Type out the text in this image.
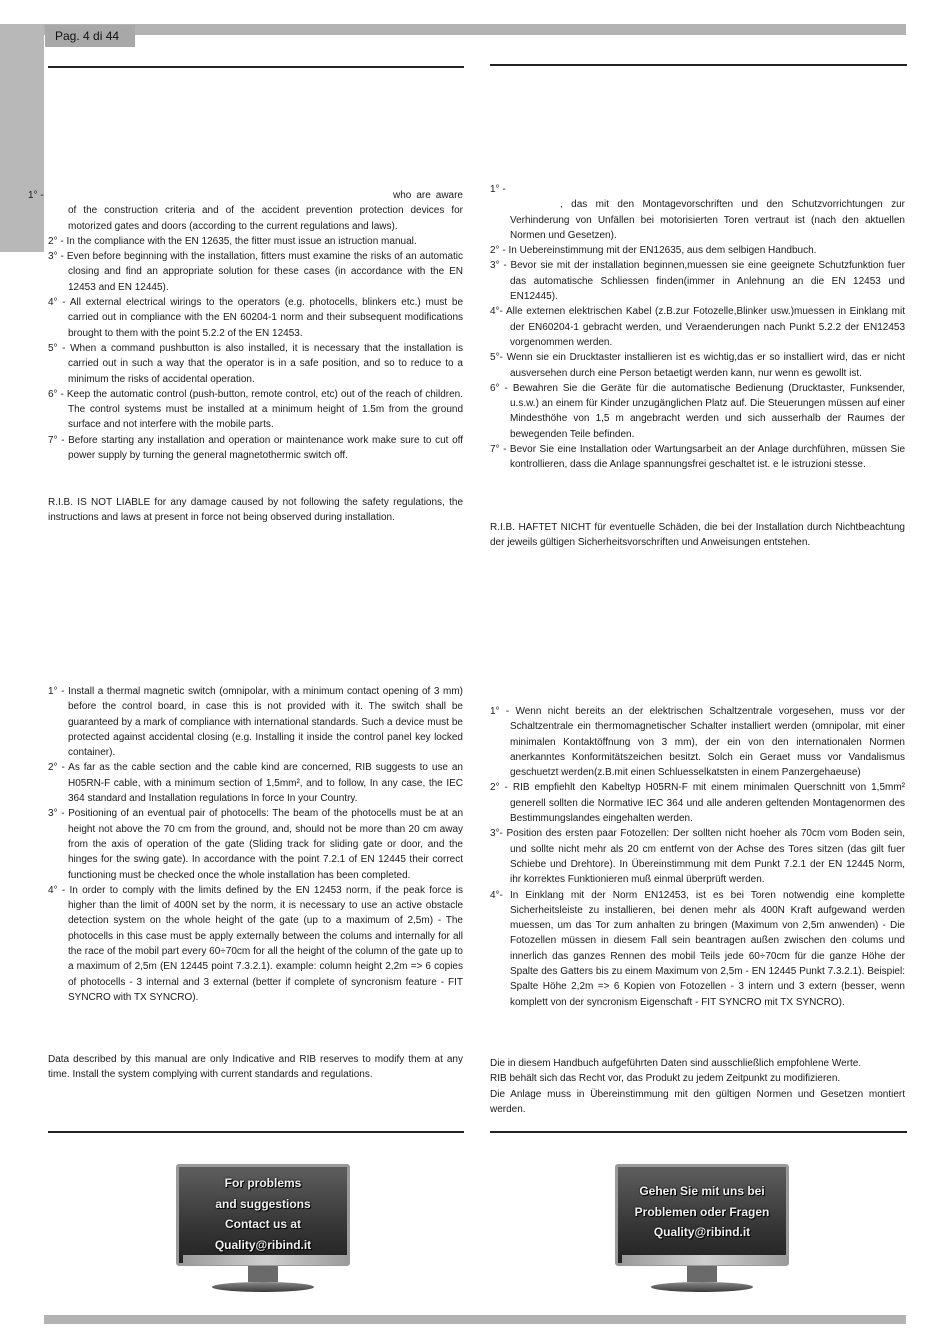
Pag. 4 di 44
who are aware of the construction criteria and of the accident prevention protection devices for motorized gates and doors (according to the current regulations and laws).
2° - In the compliance with the EN 12635, the fitter must issue an istruction manual.
3° - Even before beginning with the installation, fitters must examine the risks of an automatic closing and find an appropriate solution for these cases (in accordance with the EN 12453 and EN 12445).
4° - All external electrical wirings to the operators (e.g. photocells, blinkers etc.) must be carried out in compliance with the EN 60204-1 norm and their subsequent modifications brought to them with the point 5.2.2 of the EN 12453.
5° - When a command pushbutton is also installed, it is necessary that the installation is carried out in such a way that the operator is in a safe position, and so to reduce to a minimum the risks of accidental operation.
6° - Keep the automatic control (push-button, remote control, etc) out of the reach of children. The control systems must be installed at a minimum height of 1.5m from the ground surface and not interfere with the mobile parts.
7° - Before starting any installation and operation or maintenance work make sure to cut off power supply by turning the general magnetothermic switch off.

R.I.B. IS NOT LIABLE for any damage caused by not following the safety regulations, the instructions and laws at present in force not being observed during installation.

1° - Install a thermal magnetic switch (omnipolar, with a minimum contact opening of 3 mm) before the control board, in case this is not provided with it. The switch shall be guaranteed by a mark of compliance with international standards. Such a device must be protected against accidental closing (e.g. Installing it inside the control panel key locked container).
2° - As far as the cable section and the cable kind are concerned, RIB suggests to use an H05RN-F cable, with a minimum section of 1,5mm², and to follow, In any case, the IEC 364 standard and Installation regulations In force In your Country.
3° - Positioning of an eventual pair of photocells: The beam of the photocells must be at an height not above the 70 cm from the ground, and, should not be more than 20 cm away from the axis of operation of the gate (Sliding track for sliding gate or door, and the hinges for the swing gate). In accordance with the point 7.2.1 of EN 12445 their correct functioning must be checked once the whole installation has been completed.
4° - In order to comply with the limits defined by the EN 12453 norm, if the peak force is higher than the limit of 400N set by the norm, it is necessary to use an active obstacle detection system on the whole height of the gate (up to a maximum of 2,5m) - The photocells in this case must be apply externally between the colums and internally for all the race of the mobil part every 60÷70cm for all the height of the column of the gate up to a maximum of 2,5m (EN 12445 point 7.3.2.1). example: column height 2,2m => 6 copies of photocells - 3 internal and 3 external (better if complete of syncronism feature - FIT SYNCRO with TX SYNCRO).

Data described by this manual are only Indicative and RIB reserves to modify them at any time. Install the system complying with current standards and regulations.

1° -
, das mit den Montagevorschriften und den Schutzvorrichtungen zur Verhinderung von Unfällen bei motorisierten Toren vertraut ist (nach den aktuellen Normen und Gesetzen).
2° - In Uebereinstimmung mit der EN12635, aus dem selbigen Handbuch.
3° - Bevor sie mit der installation beginnen,muessen sie eine geeignete Schutzfunktion fuer das automatische Schliessen finden(immer in Anlehnung an die EN 12453 und EN12445).
4°- Alle externen elektrischen Kabel (z.B.zur Fotozelle,Blinker usw.)muessen in Einklang mit der EN60204-1 gebracht werden, und Veraenderungen nach Punkt 5.2.2 der EN12453 vorgenommen werden.
5°- Wenn sie ein Drucktaster installieren ist es wichtig,das er so installiert wird, das er nicht ausversehen durch eine Person betaetigt werden kann, nur wenn es gewollt ist.
6° - Bewahren Sie die Geräte für die automatische Bedienung (Drucktaster, Funksender, u.s.w.) an einem für Kinder unzugänglichen Platz auf. Die Steuerungen müssen auf einer Mindesthöhe von 1,5 m angebracht werden und sich ausserhalb der Raumes der bewegenden Teile befinden.
7° - Bevor Sie eine Installation oder Wartungsarbeit an der Anlage durchführen, müssen Sie kontrollieren, dass die Anlage spannungsfrei geschaltet ist. e le istruzioni stesse.

R.I.B. HAFTET NICHT für eventuelle Schäden, die bei der Installation durch Nichtbeachtung der jeweils gültigen Sicherheitsvorschriften und Anweisungen entstehen.

1° - Wenn nicht bereits an der elektrischen Schaltzentrale vorgesehen, muss vor der Schaltzentrale ein thermomagnetischer Schalter installiert werden (omnipolar, mit einer minimalen Kontaktöffnung von 3 mm), der ein von den internationalen Normen anerkanntes Konformitätszeichen besitzt. Solch ein Geraet muss vor Vandalismus geschuetzt werden(z.B.mit einen Schluesselkatsten in einem Panzergehaeuse)
2° - RIB empfiehlt den Kabeltyp H05RN-F mit einem minimalen Querschnitt von 1,5mm² generell sollten die Normative IEC 364 und alle anderen geltenden Montagenormen des Bestimmungslandes eingehalten werden.
3°- Position des ersten paar Fotozellen: Der sollten nicht hoeher als 70cm vom Boden sein, und sollte nicht mehr als 20 cm entfernt von der Achse des Tores sitzen (das gilt fuer Schiebe und Drehtore). In Übereinstimmung mit dem Punkt 7.2.1 der EN 12445 Norm, ihr korrektes Funktionieren muß einmal überprüft werden.
4°- In Einklang mit der Norm EN12453, ist es bei Toren notwendig eine komplette Sicherheitsleiste zu installieren, bei denen mehr als 400N Kraft aufgewand werden muessen, um das Tor zum anhalten zu bringen (Maximum von 2,5m anwenden) - Die Fotozellen müssen in diesem Fall sein beantragen außen zwischen den colums und innerlich das ganzes Rennen des mobil Teils jede 60÷70cm für die ganze Höhe der Spalte des Gatters bis zu einem Maximum von 2,5m - EN 12445 Punkt 7.3.2.1). Beispiel: Spalte Höhe 2,2m => 6 Kopien von Fotozellen - 3 intern und 3 extern (besser, wenn komplett von der syncronism Eigenschaft - FIT SYNCRO mit TX SYNCRO).
Die in diesem Handbuch aufgeführten Daten sind ausschließlich empfohlene Werte.
RIB behält sich das Recht vor, das Produkt zu jedem Zeitpunkt zu modifizieren.
Die Anlage muss in Übereinstimmung mit den gültigen Normen und Gesetzen montiert werden.
For problems
and suggestions
Contact us at
Quality@ribind.it
Gehen Sie mit uns bei
Problemen oder Fragen
Quality@ribind.it
